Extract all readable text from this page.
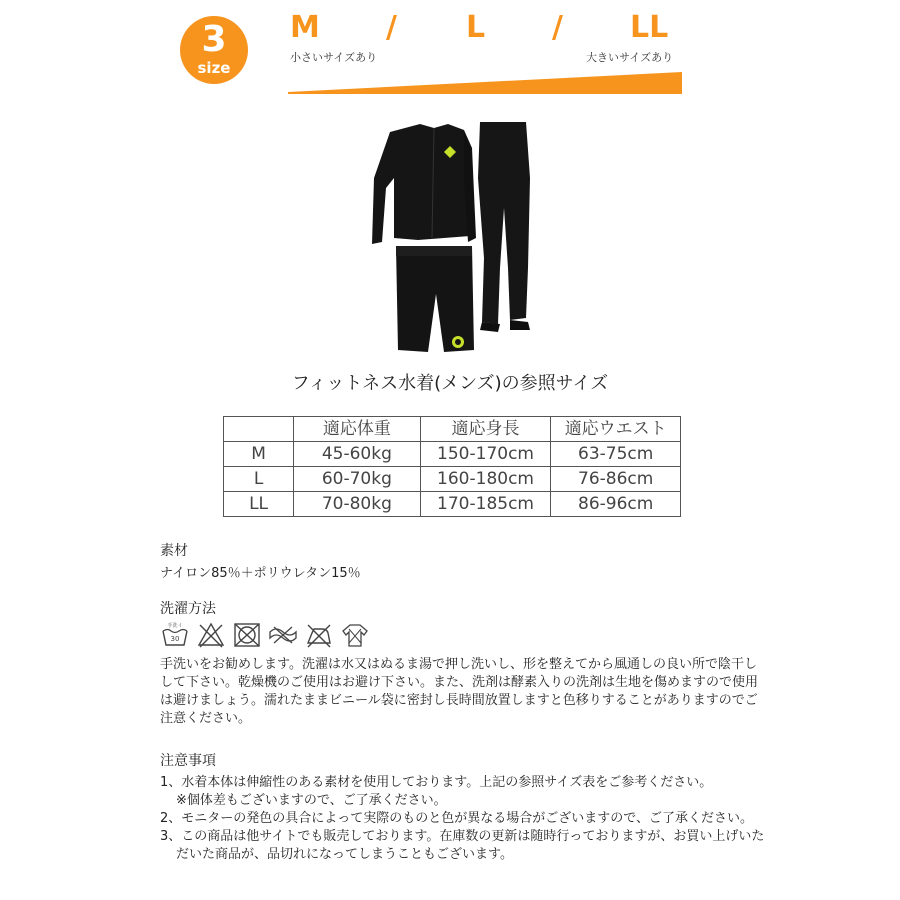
3
size
M / L / LL
小さいサイズあり	大きいサイズあり
フィットネス水着(メンズ)の参照サイズ
	適応体重	適応身長	適応ウエスト
M	45-60kg	150-170cm	63-75cm
L	60-70kg	160-180cm	76-86cm
LL	70-80kg	170-185cm	86-96cm
素材
ナイロン85％＋ポリウレタン15％
洗濯方法
手洗イ
30
手洗いをお勧めします。洗濯は水又はぬるま湯で押し洗いし、形を整えてから風通しの良い所で陰干しして下さい。乾燥機のご使用はお避け下さい。また、洗剤は酵素入りの洗剤は生地を傷めますので使用は避けましょう。濡れたままビニール袋に密封し長時間放置しますと色移りすることがありますのでご注意ください。
注意事項
1、水着本体は伸縮性のある素材を使用しております。上記の参照サイズ表をご参考ください。
※個体差もございますので、ご了承ください。
2、モニターの発色の具合によって実際のものと色が異なる場合がございますので、ご了承ください。
3、この商品は他サイトでも販売しております。在庫数の更新は随時行っておりますが、お買い上げいた
だいた商品が、品切れになってしまうこともございます。
